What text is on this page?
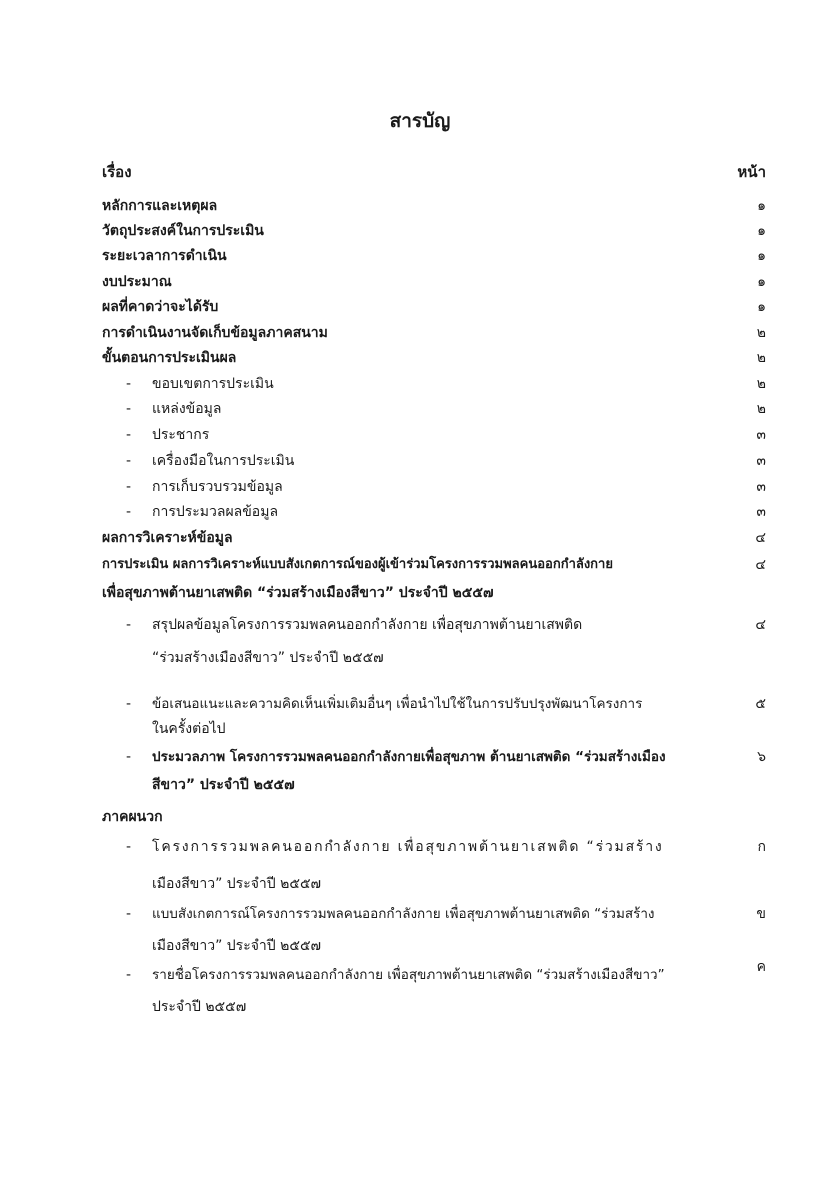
สารบัญ
เรื่อง	หน้า
หลักการและเหตุผล	๑
วัตถุประสงค์ในการประเมิน	๑
ระยะเวลาการดำเนิน	๑
งบประมาณ	๑
ผลที่คาดว่าจะได้รับ	๑
การดำเนินงานจัดเก็บข้อมูลภาคสนาม	๒
ขั้นตอนการประเมินผล	๒
- ขอบเขตการประเมิน	๒
- แหล่งข้อมูล	๒
- ประชากร	๓
- เครื่องมือในการประเมิน	๓
- การเก็บรวบรวมข้อมูล	๓
- การประมวลผลข้อมูล	๓
ผลการวิเคราะห์ข้อมูล	๔
การประเมิน ผลการวิเคราะห์แบบสังเกตการณ์ของผู้เข้าร่วมโครงการรวมพลคนออกกำลังกาย	๔
เพื่อสุขภาพต้านยาเสพติด “ร่วมสร้างเมืองสีขาว” ประจำปี ๒๕๕๗
- สรุปผลข้อมูลโครงการรวมพลคนออกกำลังกาย เพื่อสุขภาพต้านยาเสพติด	๔
“ร่วมสร้างเมืองสีขาว” ประจำปี ๒๕๕๗
- ข้อเสนอแนะและความคิดเห็นเพิ่มเติมอื่นๆ เพื่อนำไปใช้ในการปรับปรุงพัฒนาโครงการ	๕
ในครั้งต่อไป
- ประมวลภาพ โครงการรวมพลคนออกกำลังกายเพื่อสุขภาพ ต้านยาเสพติด “ร่วมสร้างเมือง	๖
สีขาว” ประจำปี ๒๕๕๗
ภาคผนวก
- โครงการรวมพลคนออกกำลังกาย เพื่อสุขภาพต้านยาเสพติด “ร่วมสร้าง	ก
เมืองสีขาว” ประจำปี ๒๕๕๗
- แบบสังเกตการณ์โครงการรวมพลคนออกกำลังกาย เพื่อสุขภาพต้านยาเสพติด “ร่วมสร้าง	ข
เมืองสีขาว” ประจำปี ๒๕๕๗
- รายชื่อโครงการรวมพลคนออกกำลังกาย เพื่อสุขภาพต้านยาเสพติด “ร่วมสร้างเมืองสีขาว”	ค
ประจำปี ๒๕๕๗
